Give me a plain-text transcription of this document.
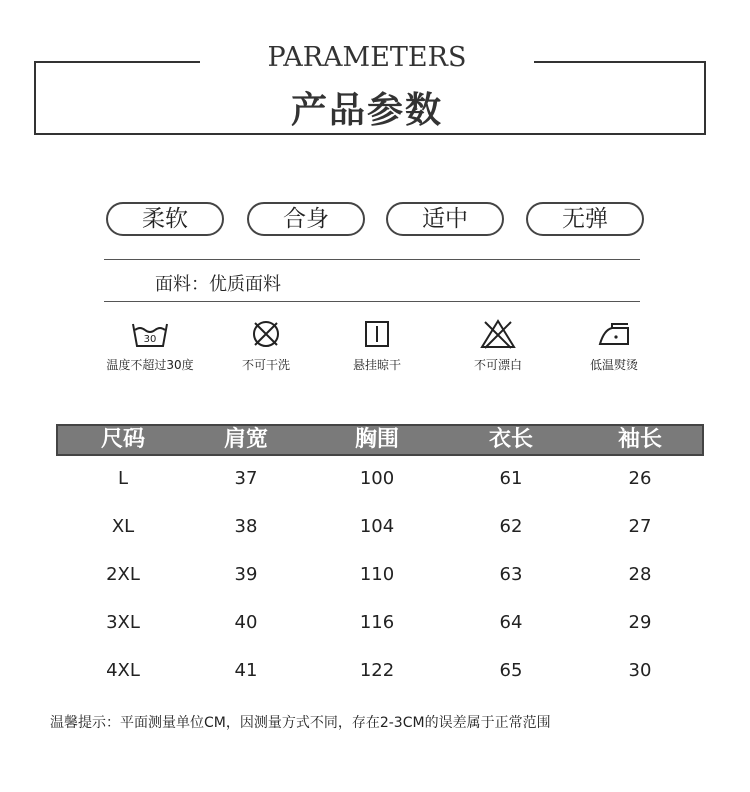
PARAMETERS
产品参数
柔软	合身	适中	无弹
面料：优质面料
30
温度不超过30度	不可干洗	悬挂晾干	不可漂白	低温熨烫
尺码	肩宽	胸围	衣长	袖长
L	37	100	61	26
XL	38	104	62	27
2XL	39	110	63	28
3XL	40	116	64	29
4XL	41	122	65	30
温馨提示：平面测量单位CM，因测量方式不同，存在2-3CM的误差属于正常范围
